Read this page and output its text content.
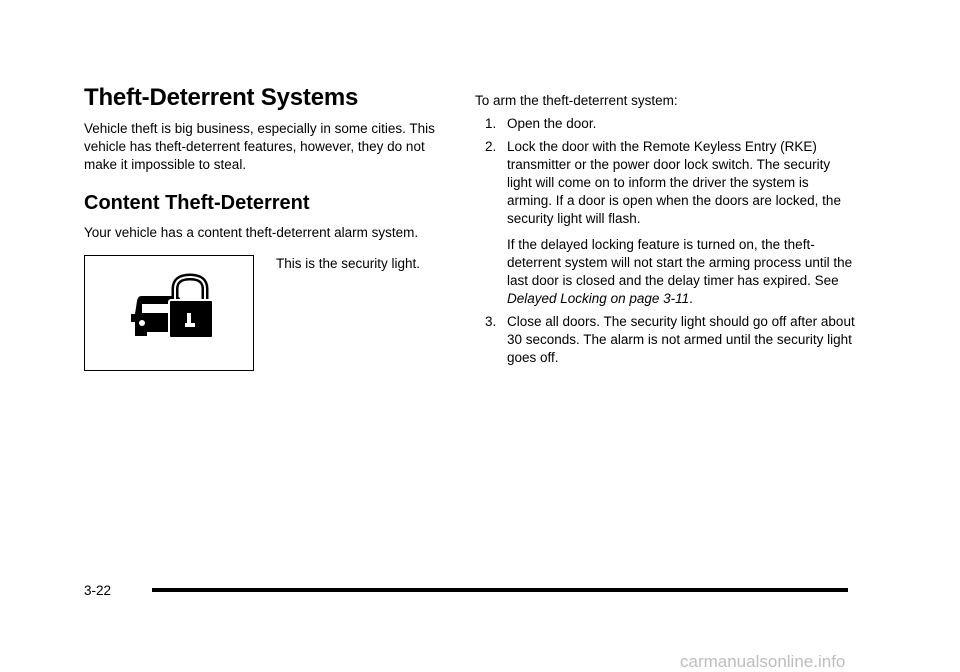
Theft-Deterrent Systems

Vehicle theft is big business, especially in some cities. This vehicle has theft-deterrent features, however, they do not make it impossible to steal.

Content Theft-Deterrent

Your vehicle has a content theft-deterrent alarm system.

This is the security light.

To arm the theft-deterrent system:

1. Open the door.
2. Lock the door with the Remote Keyless Entry (RKE) transmitter or the power door lock switch. The security light will come on to inform the driver the system is arming. If a door is open when the doors are locked, the security light will flash.

If the delayed locking feature is turned on, the theft-deterrent system will not start the arming process until the last door is closed and the delay timer has expired. See Delayed Locking on page 3-11.

3. Close all doors. The security light should go off after about 30 seconds. The alarm is not armed until the security light goes off.
3-22
carmanualsonline.info
